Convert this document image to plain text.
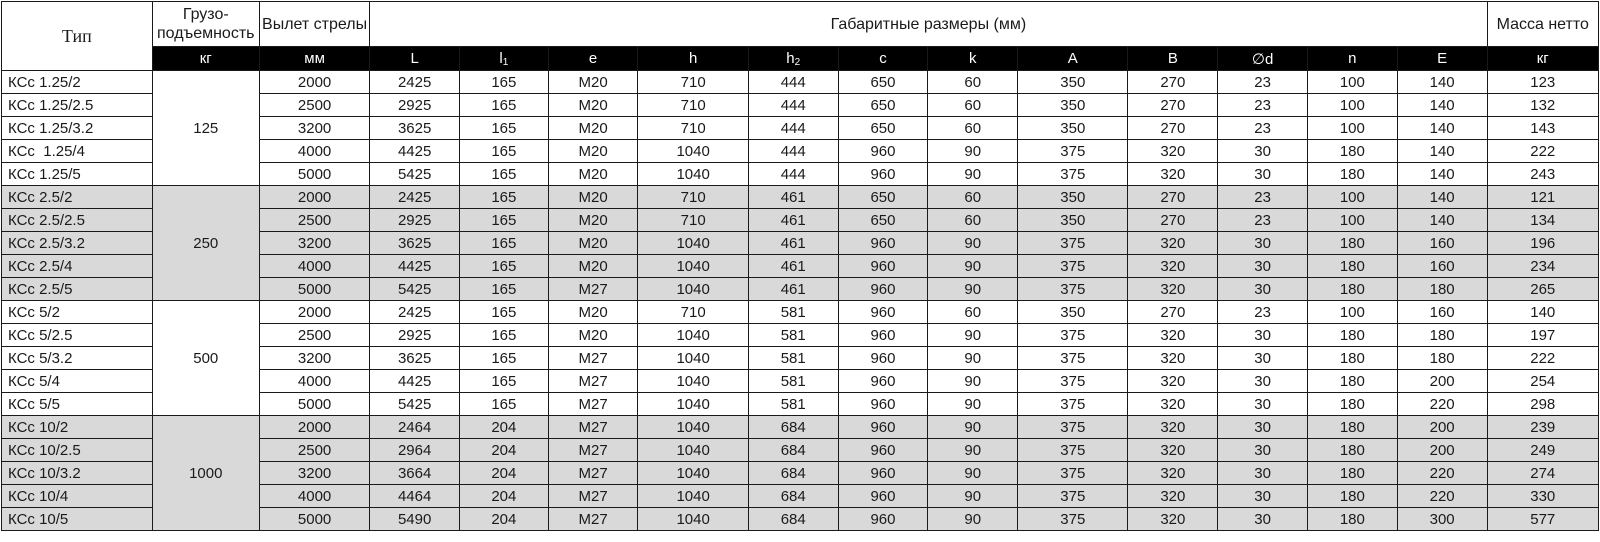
Тип	Грузо-подъемность	Вылет стрелы	Габаритные размеры (мм)												Масса нетто
	кг	мм	L	$l_1$	e	h	$h_2$	c	k	A	B	∅d	n	E	кг
КСс 1.25/2	125	2000	2425	165	M20	710	444	650	60	350	270	23	100	140	123
КСс 1.25/2.5		2500	2925	165	M20	710	444	650	60	350	270	23	100	140	132
КСс 1.25/3.2		3200	3625	165	M20	710	444	650	60	350	270	23	100	140	143
КСс  1.25/4		4000	4425	165	M20	1040	444	960	90	375	320	30	180	140	222
КСс 1.25/5		5000	5425	165	M20	1040	444	960	90	375	320	30	180	140	243
КСс 2.5/2	250	2000	2425	165	M20	710	461	650	60	350	270	23	100	140	121
КСс 2.5/2.5		2500	2925	165	M20	710	461	650	60	350	270	23	100	140	134
КСс 2.5/3.2		3200	3625	165	M20	1040	461	960	90	375	320	30	180	160	196
КСс 2.5/4		4000	4425	165	M20	1040	461	960	90	375	320	30	180	160	234
КСс 2.5/5		5000	5425	165	M27	1040	461	960	90	375	320	30	180	180	265
КСс 5/2	500	2000	2425	165	M20	710	581	960	60	350	270	23	100	160	140
КСс 5/2.5		2500	2925	165	M20	1040	581	960	90	375	320	30	180	180	197
КСс 5/3.2		3200	3625	165	M27	1040	581	960	90	375	320	30	180	180	222
КСс 5/4		4000	4425	165	M27	1040	581	960	90	375	320	30	180	200	254
КСс 5/5		5000	5425	165	M27	1040	581	960	90	375	320	30	180	220	298
КСс 10/2	1000	2000	2464	204	M27	1040	684	960	90	375	320	30	180	200	239
КСс 10/2.5		2500	2964	204	M27	1040	684	960	90	375	320	30	180	200	249
КСс 10/3.2		3200	3664	204	M27	1040	684	960	90	375	320	30	180	220	274
КСс 10/4		4000	4464	204	M27	1040	684	960	90	375	320	30	180	220	330
КСс 10/5		5000	5490	204	M27	1040	684	960	90	375	320	30	180	300	577
